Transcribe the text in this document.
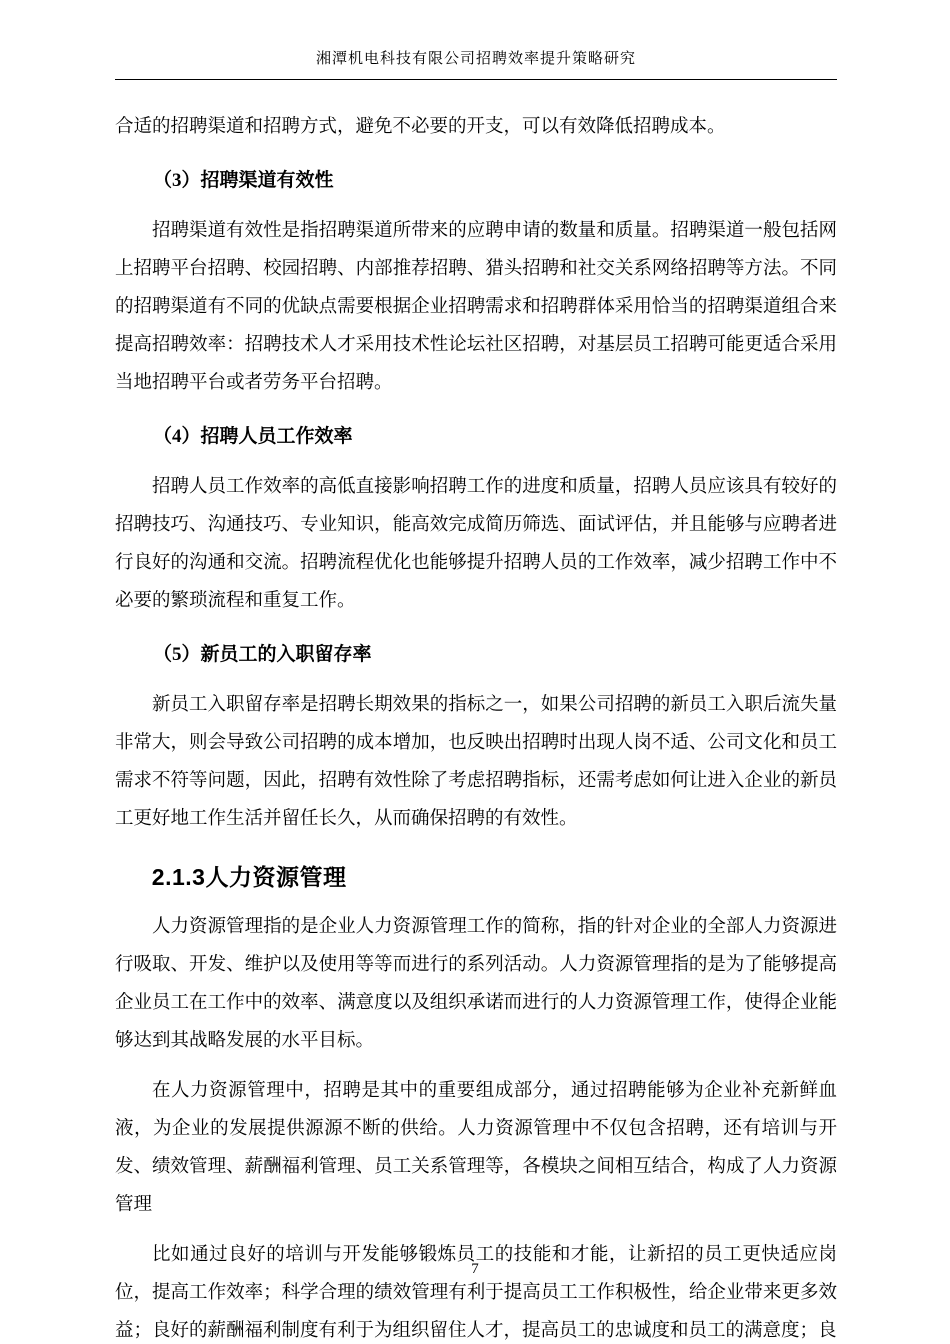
湘潭机电科技有限公司招聘效率提升策略研究

合适的招聘渠道和招聘方式，避免不必要的开支，可以有效降低招聘成本。

（3）招聘渠道有效性

招聘渠道有效性是指招聘渠道所带来的应聘申请的数量和质量。招聘渠道一般包括网上招聘平台招聘、校园招聘、内部推荐招聘、猎头招聘和社交关系网络招聘等方法。不同的招聘渠道有不同的优缺点需要根据企业招聘需求和招聘群体采用恰当的招聘渠道组合来提高招聘效率：招聘技术人才采用技术性论坛社区招聘，对基层员工招聘可能更适合采用当地招聘平台或者劳务平台招聘。

（4）招聘人员工作效率

招聘人员工作效率的高低直接影响招聘工作的进度和质量，招聘人员应该具有较好的招聘技巧、沟通技巧、专业知识，能高效完成简历筛选、面试评估，并且能够与应聘者进行良好的沟通和交流。招聘流程优化也能够提升招聘人员的工作效率，减少招聘工作中不必要的繁琐流程和重复工作。

（5）新员工的入职留存率

新员工入职留存率是招聘长期效果的指标之一，如果公司招聘的新员工入职后流失量非常大，则会导致公司招聘的成本增加，也反映出招聘时出现人岗不适、公司文化和员工需求不符等问题，因此，招聘有效性除了考虑招聘指标，还需考虑如何让进入企业的新员工更好地工作生活并留任长久，从而确保招聘的有效性。

2.1.3人力资源管理

人力资源管理指的是企业人力资源管理工作的简称，指的针对企业的全部人力资源进行吸取、开发、维护以及使用等等而进行的系列活动。人力资源管理指的是为了能够提高企业员工在工作中的效率、满意度以及组织承诺而进行的人力资源管理工作，使得企业能够达到其战略发展的水平目标。

在人力资源管理中，招聘是其中的重要组成部分，通过招聘能够为企业补充新鲜血液，为企业的发展提供源源不断的供给。人力资源管理中不仅包含招聘，还有培训与开发、绩效管理、薪酬福利管理、员工关系管理等，各模块之间相互结合，构成了人力资源管理

比如通过良好的培训与开发能够锻炼员工的技能和才能，让新招的员工更快适应岗位，提高工作效率；科学合理的绩效管理有利于提高员工工作积极性，给企业带来更多效益；良好的薪酬福利制度有利于为组织留住人才，提高员工的忠诚度和员工的满意度；良

7
